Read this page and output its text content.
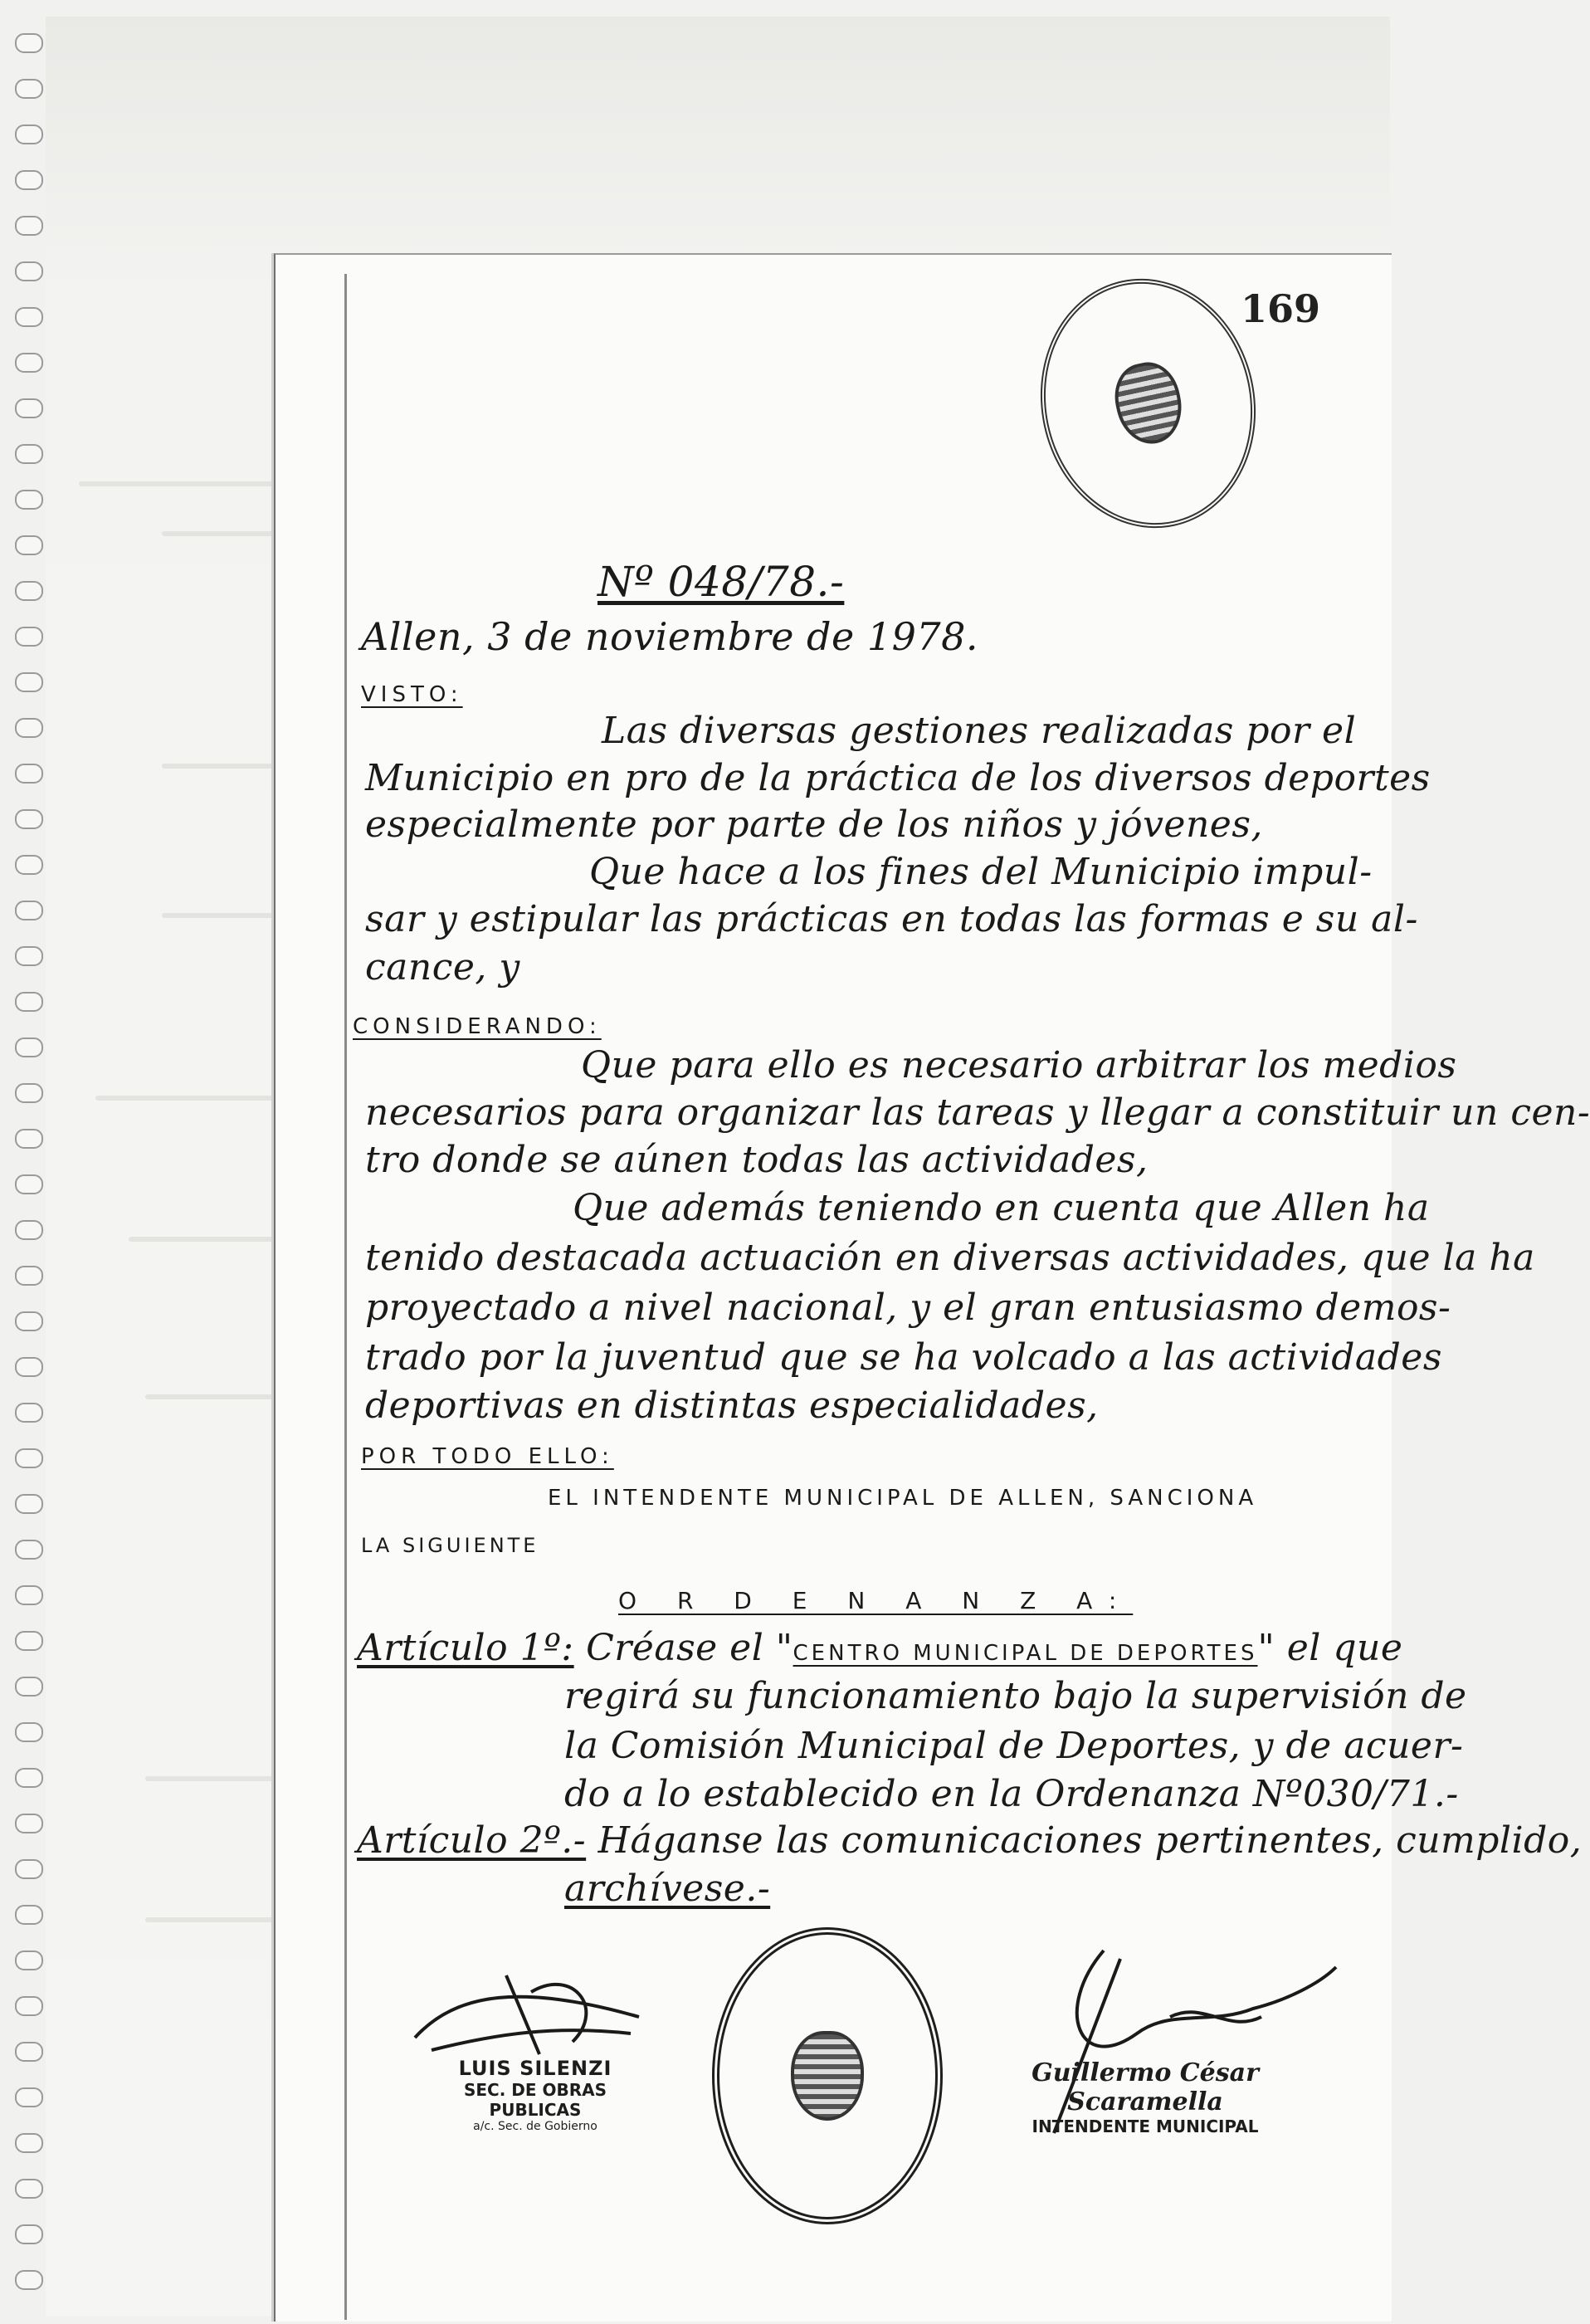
169
Nº 048/78.-
Allen, 3 de noviembre de 1978.
VISTO:
Las diversas gestiones realizadas por el
Municipio en pro de la práctica de los diversos deportes
especialmente por parte de los niños y jóvenes,
Que hace a los fines del Municipio impul-
sar y estipular las prácticas en todas las formas e su al-
cance, y
CONSIDERANDO:
Que para ello es necesario arbitrar los medios
necesarios para organizar las tareas y llegar a constituir un cen-
tro donde se aúnen todas las actividades,
Que además teniendo en cuenta que Allen ha
tenido destacada actuación en diversas actividades, que la ha
proyectado a nivel nacional, y el gran entusiasmo demos-
trado por la juventud que se ha volcado a las actividades
deportivas en distintas especialidades,
POR TODO ELLO:
EL INTENDENTE MUNICIPAL DE ALLEN, SANCIONA
LA SIGUIENTE
O R D E N A N Z A:
Artículo 1º: Créase el "CENTRO MUNICIPAL DE DEPORTES" el que
regirá su funcionamiento bajo la supervisión de
la Comisión Municipal de Deportes, y de acuer-
do a lo establecido en la Ordenanza Nº030/71.-
Artículo 2º.- Háganse las comunicaciones pertinentes, cumplido,
archívese.-
LUIS SILENZI
SEC. DE OBRAS PUBLICAS
a/c. Sec. de Gobierno
Guillermo César Scaramella
INTENDENTE MUNICIPAL
